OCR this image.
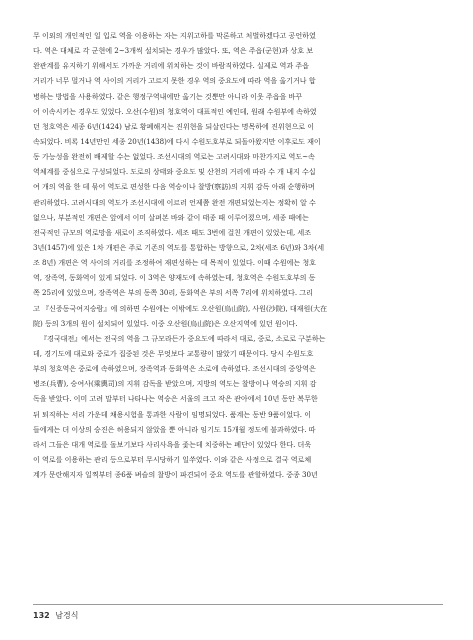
무 이외의 개인적인 일 입로 역을 이용하는 자는 지위고하를 막론하고 처벌하겠다고 공언하였
다. 역은 대체로 각 군현에 2~3개씩 설치되는 경우가 많았다. 또, 역은 주읍(군현)과 상호 보
완관계를 유지하기 위해서도 가까운 거리에 위치하는 것이 바람직하였다. 실제로 역과 주읍
거리가 너무 멀거나 역 사이의 거리가 고르지 못한 경우 역의 중요도에 따라 역을 옮기거나 합
병하는 방법을 사용하였다. 같은 행정구역내에만 옮기는 것뿐만 아니라 이웃 주읍을 바꾸
어 이속시키는 경우도 있었다. 오산(수원)의 청호역이 대표적인 예인데, 원래 수원부에 속하였
던 청호역은 세종 6년(1424) 남로 황폐해지는 진위현을 되살린다는 명목하에 진위현으로 이
속되었다. 비록 14년만인 세종 20년(1438)에 다시 수원도호부로 되돌아왔지만 이후로도 재이
동 가능성을 완전히 배제할 수는 없었다. 조선시대의 역로는 고려시대와 마찬가지로 역도~속
역체계를 중심으로 구성되었다. 도로의 상태와 중요도 및 산천의 거리에 따라 수 개 내지 수십
여 개의 역을 한 데 묶어 역도로 편성한 다음 역승이나 찰방(察訪)의 지휘 감독 아래 순행하며
관리하였다. 고려시대의 역도가 조선시대에 이르러 언제쯤 완전 개편되었는지는 정확히 알 수
없으나, 부분적인 개편은 앞에서 이미 살펴본 바와 같이 태종 때 이루어졌으며, 세종 때에는
전국적인 규모의 역로망을 새로이 조직하였다. 세조 때도 3번에 걸친 개편이 있었는데, 세조
3년(1457)에 있은 1차 개편은 주로 기존의 역도를 통합하는 방향으로, 2차(세조 6년)와 3차(세
조 8년) 개편은 역 사이의 거리를 조정하여 재편성하는 데 목적이 있었다. 이때 수원에는 청호
역, 장족역, 동화역이 있게 되었다. 이 3역은 양재도에 속하였는데, 청호역은 수원도호부의 동
쪽 25리에 있었으며, 장족역은 부의 동쪽 30리, 동화역은 부의 서쪽 7리에 위치하였다. 그리
고 『신증동국여지승람』에 의하면 수원에는 이밖에도 오산원(烏山院), 사원(沙院), 대재원(大在
院) 등의 3개의 원이 설치되어 있었다. 이중 오산원(烏山院)은 오산지역에 있던 원이다.
『경국대전』에서는 전국의 역을 그 규모라든가 중요도에 따라서 대로, 중로, 소로로 구분하는
데, 경기도에 대로와 중로가 집중된 것은 무엇보다 교통량이 많았기 때문이다. 당시 수원도호
부의 청호역은 중로에 속하였으며, 장족역과 동화역은 소로에 속하였다. 조선시대의 중앙역은
병조(兵曹), 승여사(乘輿司)의 지휘 감독을 받았으며, 지방의 역도는 찰방이나 역승의 지휘 감
독을 받았다. 이미 고려 말부터 나타나는 역승은 서울의 크고 작은 관아에서 10년 동안 복무한
뒤 퇴직하는 서리 가운데 채용시험을 통과한 사람이 임명되었다. 품계는 동반 9품이었다. 이
들에게는 더 이상의 승진은 허용되지 않았을 뿐 아니라 임기도 15개월 정도에 불과하였다. 따
라서 그들은 대개 역로를 돌보기보다 사리사욕을 좇는데 치중하는 폐단이 있었다 한다. 더욱
이 역로를 이용하는 관리 등으로부터 무시당하기 일쑤였다. 이와 같은 사정으로 결국 역로체
계가 문란해지자 일찍부터 종6품 벼슬의 찰방이 파견되어 중요 역도를 관할하였다. 중종 30년
132 남경식
